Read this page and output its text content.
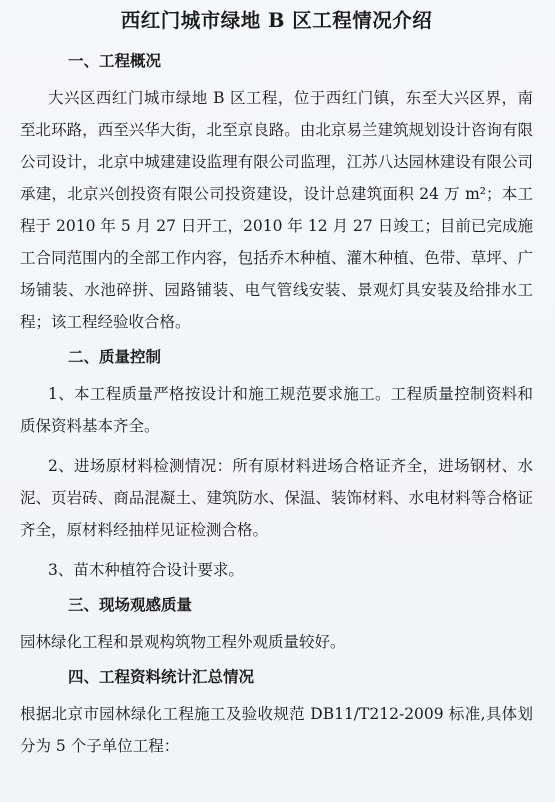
西红门城市绿地 B 区工程情况介绍
一、工程概况

大兴区西红门城市绿地 B 区工程，位于西红门镇，东至大兴区界，南至北环路，西至兴华大街，北至京良路。由北京易兰建筑规划设计咨询有限公司设计，北京中城建建设监理有限公司监理，江苏八达园林建设有限公司承建，北京兴创投资有限公司投资建设，设计总建筑面积 24 万 m²；本工程于 2010 年 5 月 27 日开工，2010 年 12 月 27 日竣工；目前已完成施工合同范围内的全部工作内容，包括乔木种植、灌木种植、色带、草坪、广场铺装、水池碎拼、园路铺装、电气管线安装、景观灯具安装及给排水工程；该工程经验收合格。

二、质量控制

1、本工程质量严格按设计和施工规范要求施工。工程质量控制资料和质保资料基本齐全。

2、进场原材料检测情况：所有原材料进场合格证齐全，进场钢材、水泥、页岩砖、商品混凝土、建筑防水、保温、装饰材料、水电材料等合格证齐全，原材料经抽样见证检测合格。

3、苗木种植符合设计要求。

三、现场观感质量

园林绿化工程和景观构筑物工程外观质量较好。

四、工程资料统计汇总情况

根据北京市园林绿化工程施工及验收规范 DB11/T212-2009 标准,具体划分为 5 个子单位工程：
